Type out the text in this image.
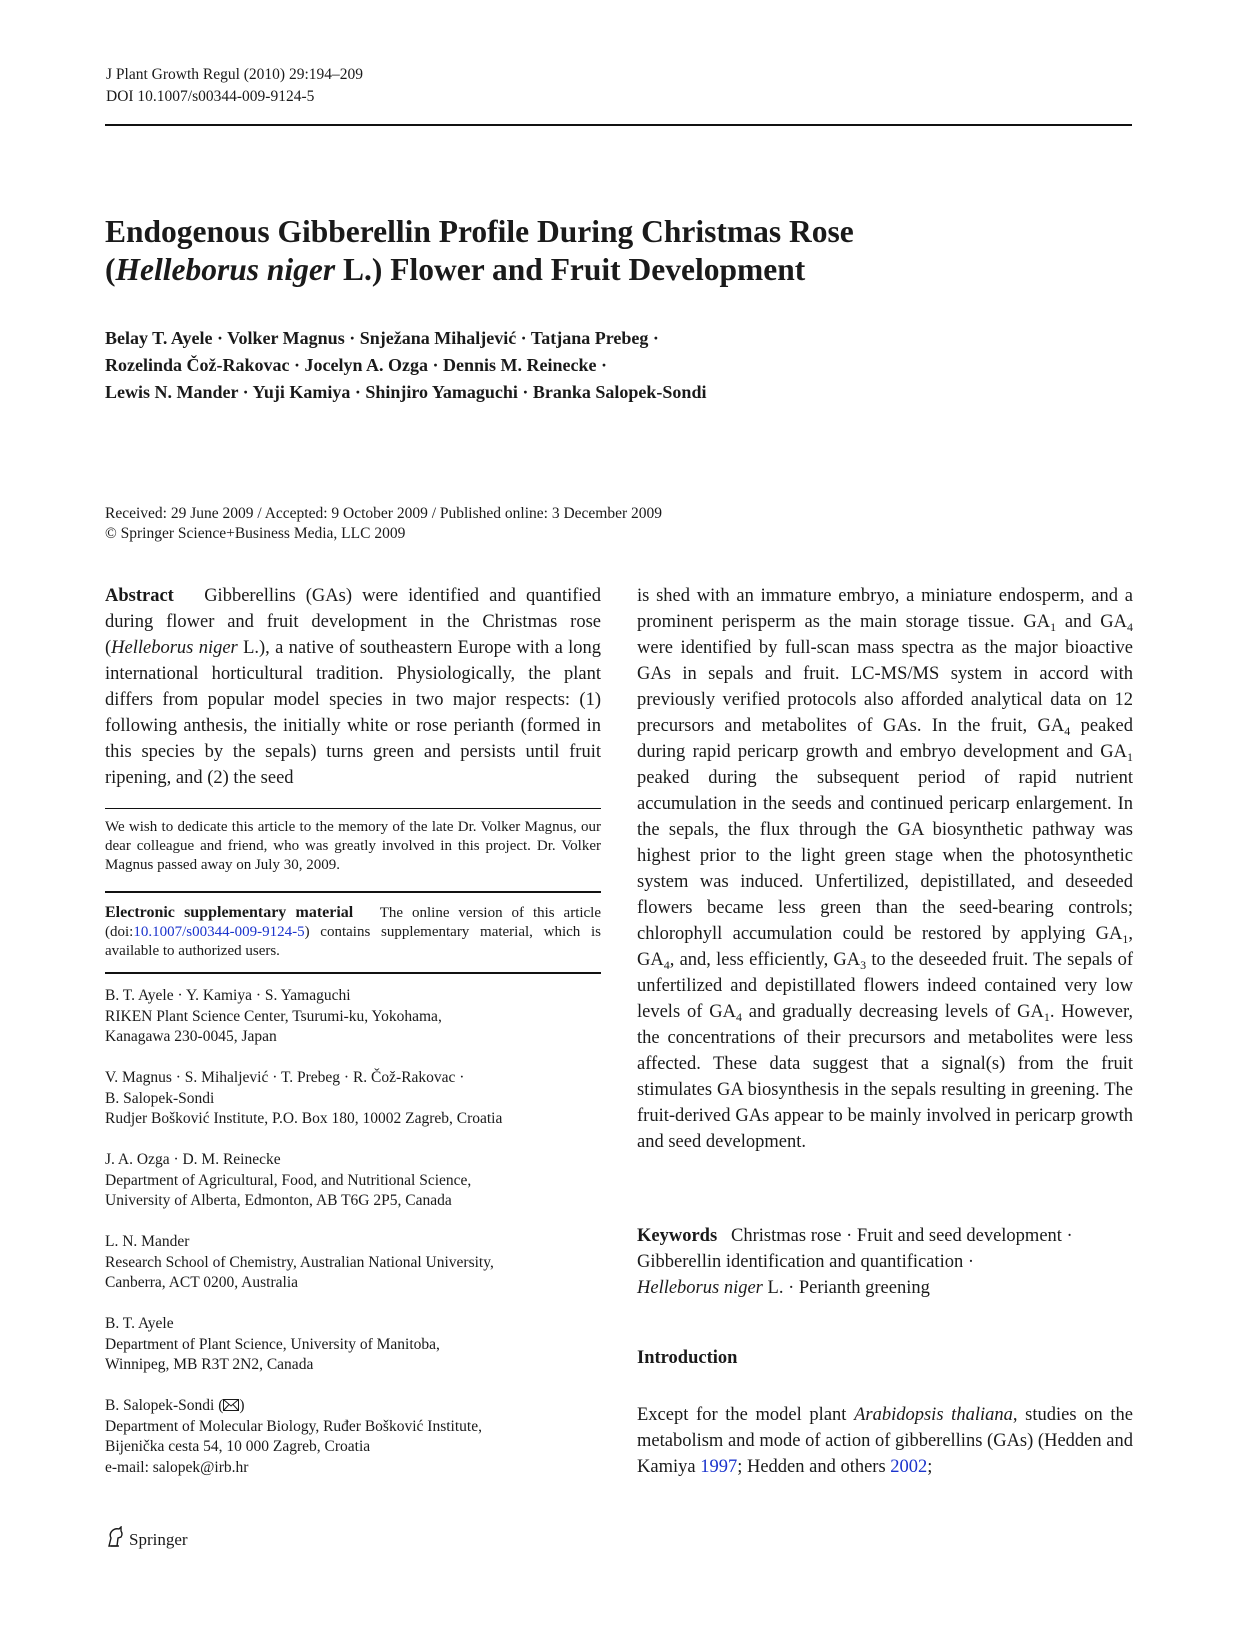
J Plant Growth Regul (2010) 29:194–209
DOI 10.1007/s00344-009-9124-5
Endogenous Gibberellin Profile During Christmas Rose
(Helleborus niger L.) Flower and Fruit Development
Belay T. Ayele · Volker Magnus · Snježana Mihaljević · Tatjana Prebeg ·
Rozelinda Čož-Rakovac · Jocelyn A. Ozga · Dennis M. Reinecke ·
Lewis N. Mander · Yuji Kamiya · Shinjiro Yamaguchi · Branka Salopek-Sondi
Received: 29 June 2009 / Accepted: 9 October 2009 / Published online: 3 December 2009
© Springer Science+Business Media, LLC 2009

Abstract Gibberellins (GAs) were identified and quantified during flower and fruit development in the Christmas rose (Helleborus niger L.), a native of southeastern Europe with a long international horticultural tradition. Physiologically, the plant differs from popular model species in two major respects: (1) following anthesis, the initially white or rose perianth (formed in this species by the sepals) turns green and persists until fruit ripening, and (2) the seed

We wish to dedicate this article to the memory of the late Dr. Volker Magnus, our dear colleague and friend, who was greatly involved in this project. Dr. Volker Magnus passed away on July 30, 2009.
Electronic supplementary material The online version of this article (doi:10.1007/s00344-009-9124-5) contains supplementary material, which is available to authorized users.
B. T. Ayele · Y. Kamiya · S. Yamaguchi
RIKEN Plant Science Center, Tsurumi-ku, Yokohama,
Kanagawa 230-0045, Japan
V. Magnus · S. Mihaljević · T. Prebeg · R. Čož-Rakovac ·
B. Salopek-Sondi
Rudjer Bošković Institute, P.O. Box 180, 10002 Zagreb, Croatia
J. A. Ozga · D. M. Reinecke
Department of Agricultural, Food, and Nutritional Science,
University of Alberta, Edmonton, AB T6G 2P5, Canada
L. N. Mander
Research School of Chemistry, Australian National University,
Canberra, ACT 0200, Australia
B. T. Ayele
Department of Plant Science, University of Manitoba,
Winnipeg, MB R3T 2N2, Canada
B. Salopek-Sondi ( )
Department of Molecular Biology, Ruđer Bošković Institute,
Bijenička cesta 54, 10 000 Zagreb, Croatia
e-mail: salopek@irb.hr

is shed with an immature embryo, a miniature endosperm, and a prominent perisperm as the main storage tissue. $GA_1$ and $GA_4$ were identified by full-scan mass spectra as the major bioactive GAs in sepals and fruit. LC-MS/MS system in accord with previously verified protocols also afforded analytical data on 12 precursors and metabolites of GAs. In the fruit, $GA_4$ peaked during rapid pericarp growth and embryo development and $GA_1$ peaked during the subsequent period of rapid nutrient accumulation in the seeds and continued pericarp enlargement. In the sepals, the flux through the GA biosynthetic pathway was highest prior to the light green stage when the photosynthetic system was induced. Unfertilized, depistillated, and deseeded flowers became less green than the seed-bearing controls; chlorophyll accumulation could be restored by applying $GA_1$, $GA_4$, and, less efficiently, $GA_3$ to the deseeded fruit. The sepals of unfertilized and depistillated flowers indeed contained very low levels of $GA_4$ and gradually decreasing levels of $GA_1$. However, the concentrations of their precursors and metabolites were less affected. These data suggest that a signal(s) from the fruit stimulates GA biosynthesis in the sepals resulting in greening. The fruit-derived GAs appear to be mainly involved in pericarp growth and seed development.

Keywords Christmas rose · Fruit and seed development ·
Gibberellin identification and quantification ·
Helleborus niger L. · Perianth greening
Introduction

Except for the model plant Arabidopsis thaliana, studies on the metabolism and mode of action of gibberellins (GAs) (Hedden and Kamiya 1997; Hedden and others 2002;

Springer
